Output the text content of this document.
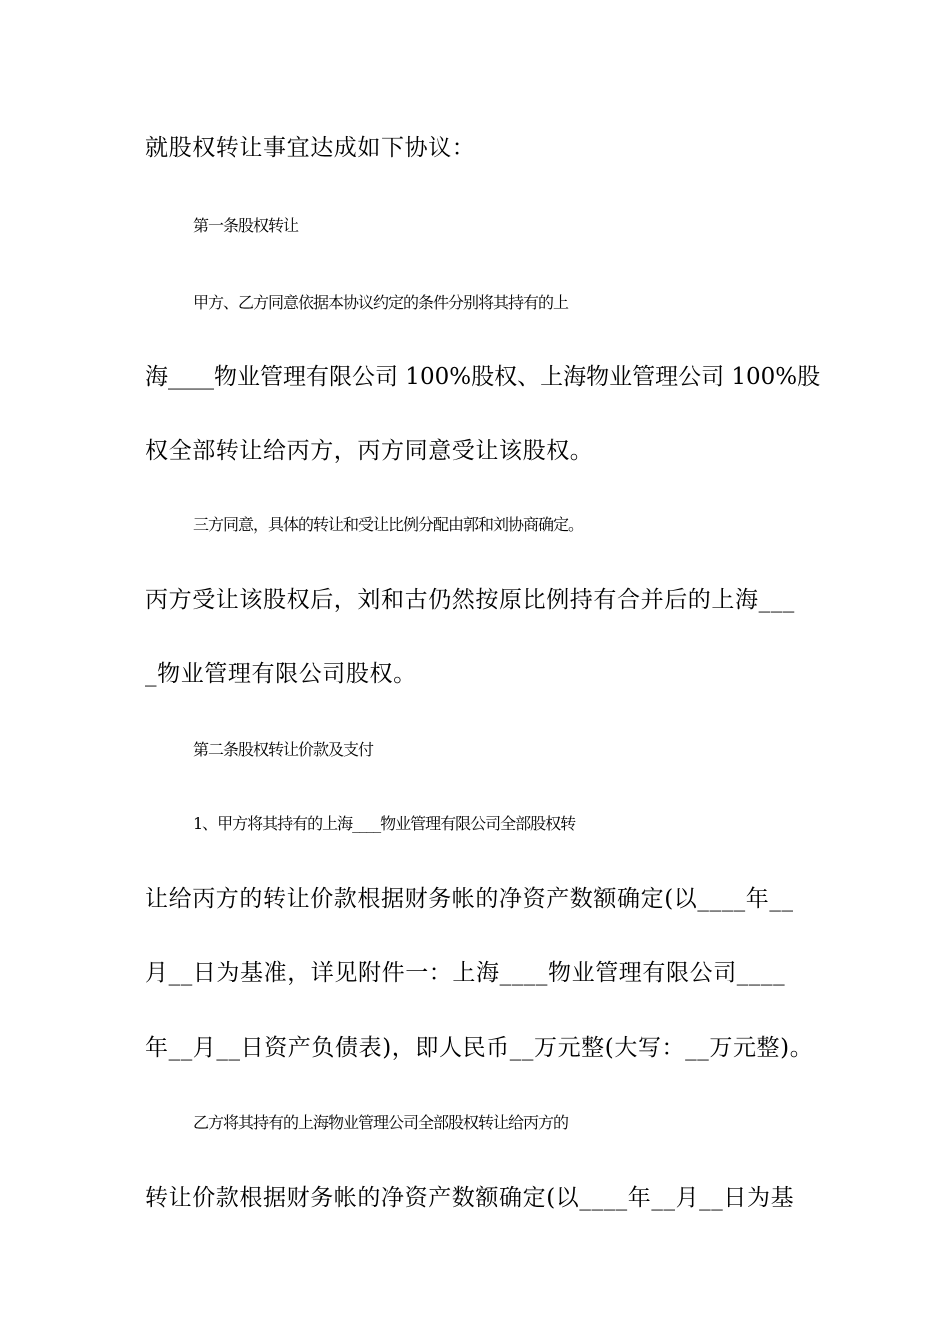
就股权转让事宜达成如下协议：
第一条股权转让
甲方、乙方同意依据本协议约定的条件分别将其持有的上
海____物业管理有限公司 100%股权、上海物业管理公司 100%股
权全部转让给丙方，丙方同意受让该股权。
三方同意，具体的转让和受让比例分配由郭和刘协商确定。
丙方受让该股权后，刘和古仍然按原比例持有合并后的上海___
_物业管理有限公司股权。
第二条股权转让价款及支付
1、甲方将其持有的上海____物业管理有限公司全部股权转
让给丙方的转让价款根据财务帐的净资产数额确定(以____年__
月__日为基准，详见附件一：上海____物业管理有限公司____
年__月__日资产负债表)，即人民币__万元整(大写：__万元整)。
乙方将其持有的上海物业管理公司全部股权转让给丙方的
转让价款根据财务帐的净资产数额确定(以____年__月__日为基
